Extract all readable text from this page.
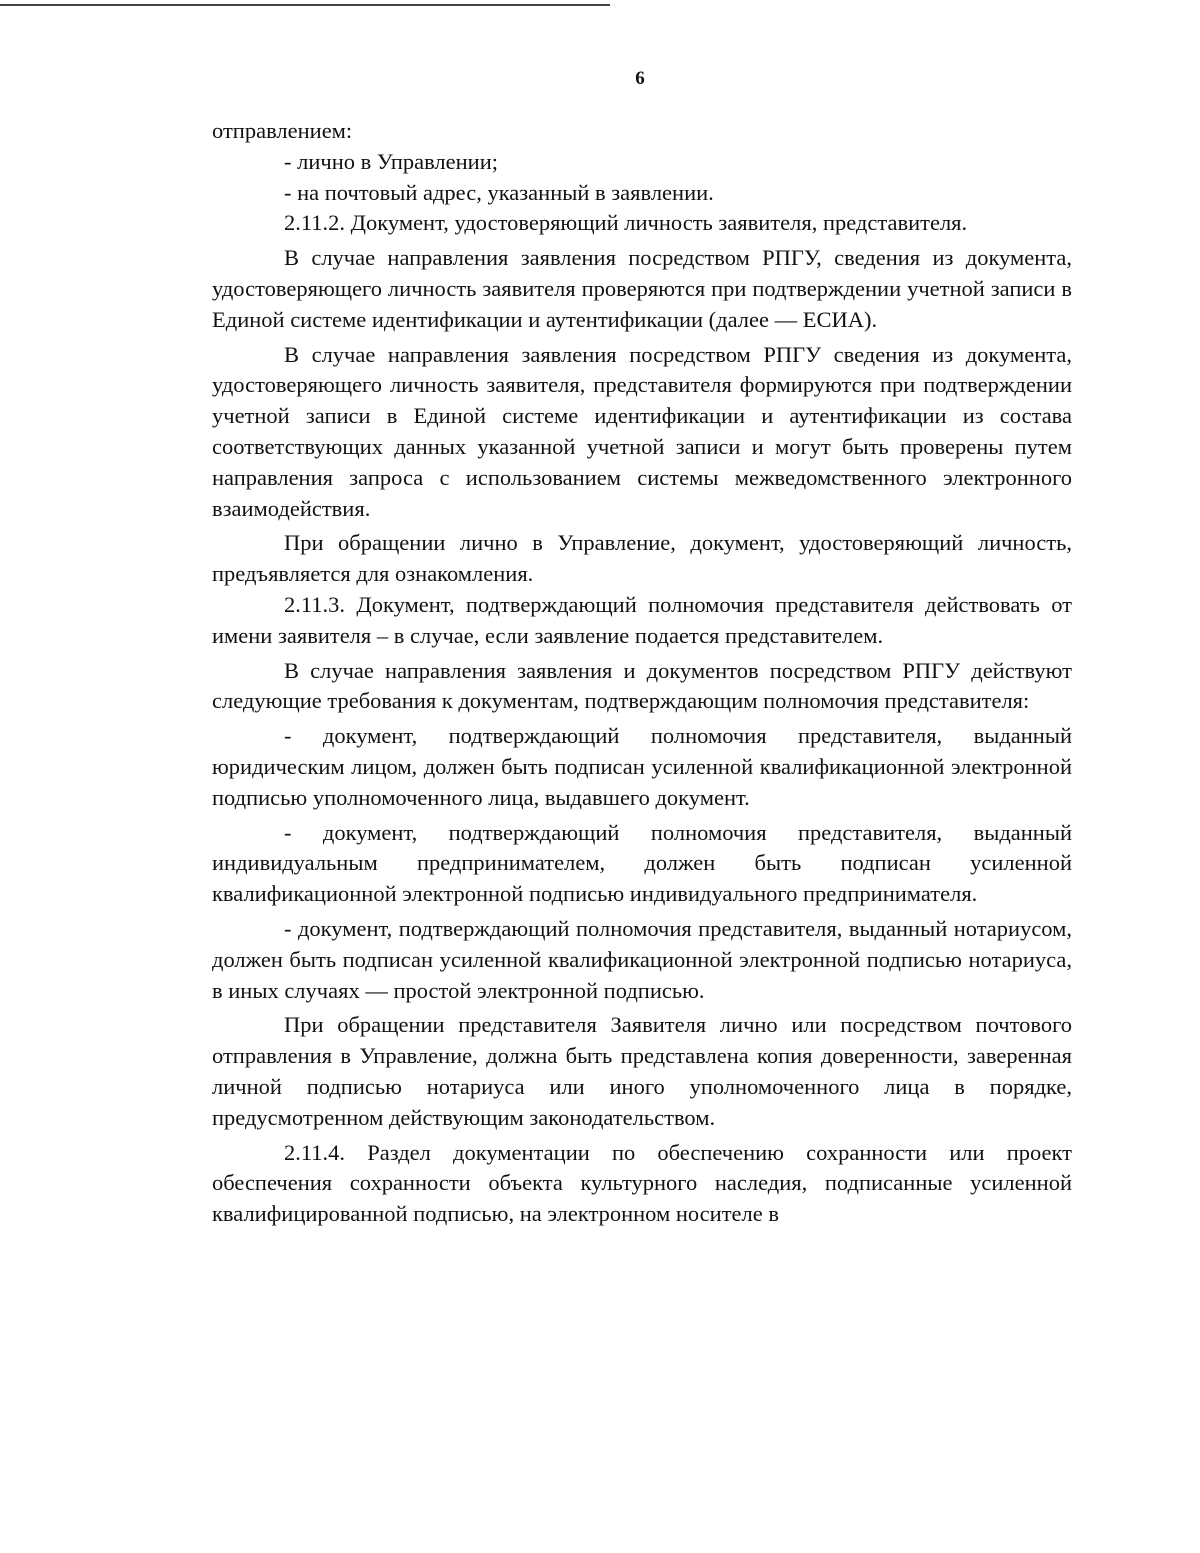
6

отправлением:

- лично в Управлении;

- на почтовый адрес, указанный в заявлении.

2.11.2. Документ, удостоверяющий личность заявителя, представителя.

В случае направления заявления посредством РПГУ, сведения из документа, удостоверяющего личность заявителя проверяются при подтверждении учетной записи в Единой системе идентификации и аутентификации (далее — ЕСИА).

В случае направления заявления посредством РПГУ сведения из документа, удостоверяющего личность заявителя, представителя формируются при подтверждении учетной записи в Единой системе идентификации и аутентификации из состава соответствующих данных указанной учетной записи и могут быть проверены путем направления запроса с использованием системы межведомственного электронного взаимодействия.

При обращении лично в Управление, документ, удостоверяющий личность, предъявляется для ознакомления.

2.11.3. Документ, подтверждающий полномочия представителя действовать от имени заявителя – в случае, если заявление подается представителем.

В случае направления заявления и документов посредством РПГУ действуют следующие требования к документам, подтверждающим полномочия представителя:

- документ, подтверждающий полномочия представителя, выданный юридическим лицом, должен быть подписан усиленной квалификационной электронной подписью уполномоченного лица, выдавшего документ.

- документ, подтверждающий полномочия представителя, выданный индивидуальным предпринимателем, должен быть подписан усиленной квалификационной электронной подписью индивидуального предпринимателя.

- документ, подтверждающий полномочия представителя, выданный нотариусом, должен быть подписан усиленной квалификационной электронной подписью нотариуса, в иных случаях — простой электронной подписью.

При обращении представителя Заявителя лично или посредством почтового отправления в Управление, должна быть представлена копия доверенности, заверенная личной подписью нотариуса или иного уполномоченного лица в порядке, предусмотренном действующим законодательством.

2.11.4. Раздел документации по обеспечению сохранности или проект обеспечения сохранности объекта культурного наследия, подписанные усиленной квалифицированной подписью, на электронном носителе в
